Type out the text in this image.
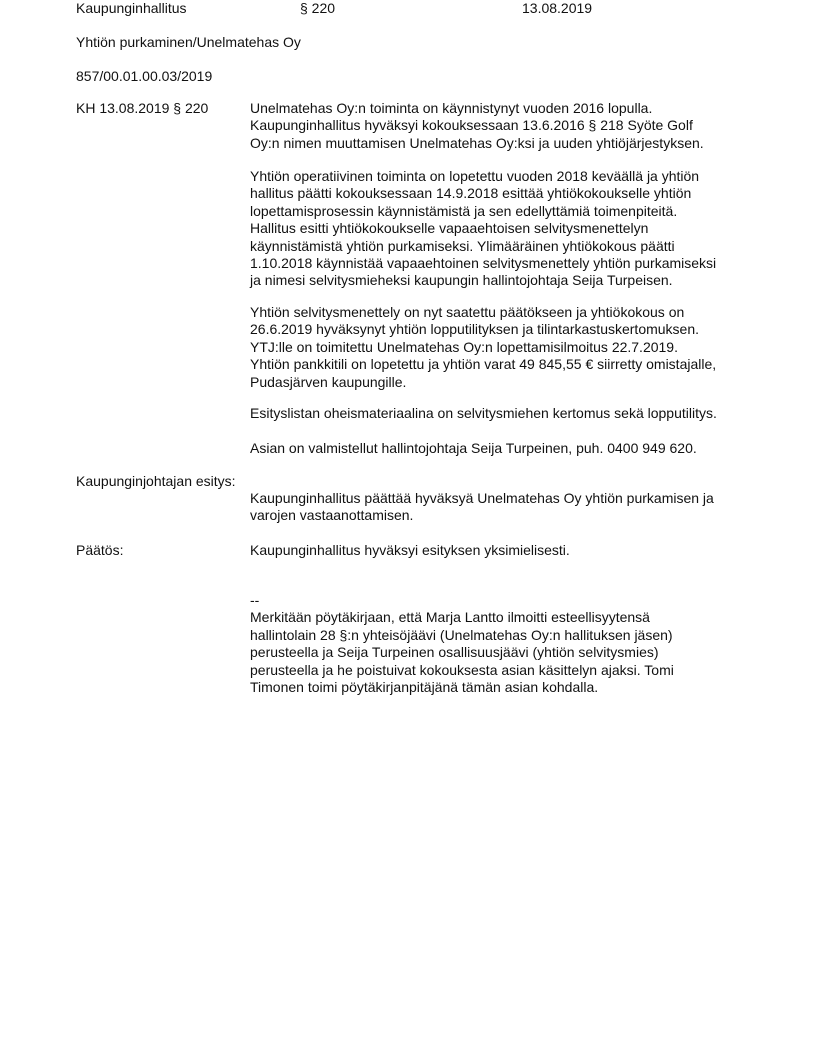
Kaupunginhallitus	§ 220	13.08.2019
Yhtiön purkaminen/Unelmatehas Oy
857/00.01.00.03/2019
KH 13.08.2019 § 220	Unelmatehas Oy:n toiminta on käynnistynyt vuoden 2016 lopulla.
Kaupunginhallitus hyväksyi kokouksessaan 13.6.2016 § 218 Syöte Golf
Oy:n nimen muuttamisen Unelmatehas Oy:ksi ja uuden yhtiöjärjestyksen.
Yhtiön operatiivinen toiminta on lopetettu vuoden 2018 keväällä ja yhtiön
hallitus päätti kokouksessaan 14.9.2018 esittää yhtiökokoukselle yhtiön
lopettamisprosessin käynnistämistä ja sen edellyttämiä toimenpiteitä.
Hallitus esitti yhtiökokoukselle vapaaehtoisen selvitysmenettelyn
käynnistämistä yhtiön purkamiseksi. Ylimääräinen yhtiökokous päätti
1.10.2018 käynnistää vapaaehtoinen selvitysmenettely yhtiön purkamiseksi
ja nimesi selvitysmieheksi kaupungin hallintojohtaja Seija Turpeisen.
Yhtiön selvitysmenettely on nyt saatettu päätökseen ja yhtiökokous on
26.6.2019 hyväksynyt yhtiön lopputilityksen ja tilintarkastuskertomuksen.
YTJ:lle on toimitettu Unelmatehas Oy:n lopettamisilmoitus 22.7.2019.
Yhtiön pankkitili on lopetettu ja yhtiön varat 49 845,55 € siirretty omistajalle,
Pudasjärven kaupungille.
Esityslistan oheismateriaalina on selvitysmiehen kertomus sekä lopputilitys.
Asian on valmistellut hallintojohtaja Seija Turpeinen, puh. 0400 949 620.
Kaupunginjohtajan esitys:
Kaupunginhallitus päättää hyväksyä Unelmatehas Oy yhtiön purkamisen ja
varojen vastaanottamisen.
Päätös:	Kaupunginhallitus hyväksyi esityksen yksimielisesti.
--
Merkitään pöytäkirjaan, että Marja Lantto ilmoitti esteellisyytensä
hallintolain 28 §:n yhteisöjäävi (Unelmatehas Oy:n hallituksen jäsen)
perusteella ja Seija Turpeinen osallisuusjäävi (yhtiön selvitysmies)
perusteella ja he poistuivat kokouksesta asian käsittelyn ajaksi. Tomi
Timonen toimi pöytäkirjanpitäjänä tämän asian kohdalla.
